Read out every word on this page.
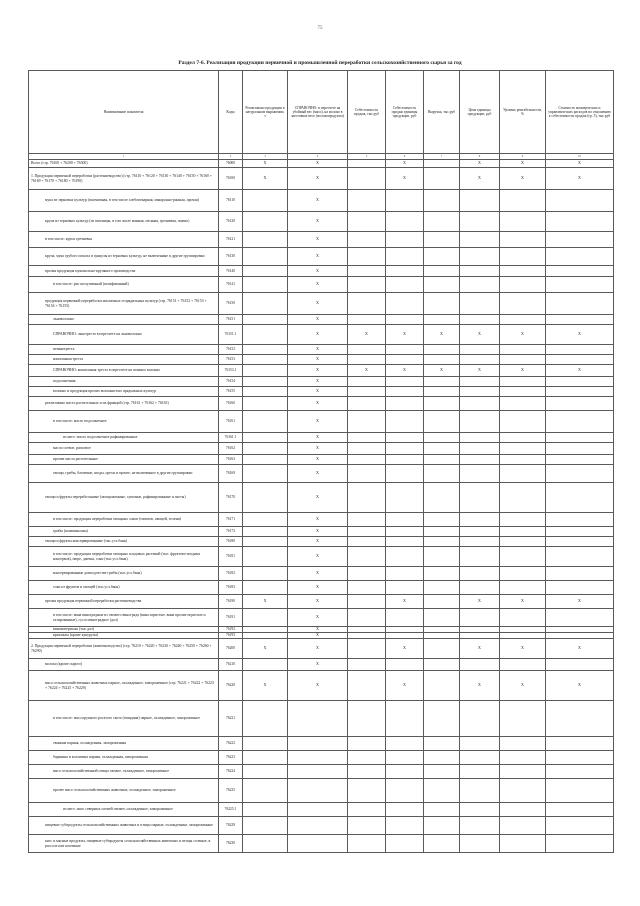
75
Раздел 7-6. Реализация продукции первичной и промышленной переработки сельскохозяйственного сырья за год
Наименование показателя	Коды	Реализовано продукции в натуральном выражении, т	СПРАВОЧНО: в пересчете на убойный вес (мясо), на молоко в заготовках весе (молокопродукты)	Себестоимость продаж, тыс.руб	Себестоимость продаж единицы продукции, руб	Выручка, тыс.руб	Цена единицы продукции, руб	Уровень рентабельности, %	Стоимость коммерческих и управленческих расходов по отношению к себестоимости продаж (гр. 5), тыс.руб
1	2	3	4	5	6	7	8	9	10
Всего (стр. 76100 + 76200 + 76300)	76000	X	X		X		X	X	X
1. Продукция первичной переработки (растениеводство) (стр. 76110 + 76120 + 76130 + 76140 + 76150 + 76160 + 76169 + 76170 + 76180 + 76190)	76100	X	X		X		X	X	X
мука из зерновых культур (пшеничная, в том числе хлебопекарная, макаронно-ржаная, прочая)	76110		X						
крупа из зерновых культур (из пшеницы, в том числе манная, овсяная, гречневая, пшено)	76120		X						
в том числе: крупа гречневая	76121		X						
крупа, мука грубого помола и гранулы из зерновых культур, не включенные в другие группировки	76130		X						
прочая продукция мукомольно-крупяного производства	76140		X						
в том числе: рис шелушенный (шлифованный)	76141		X						
продукция первичной переработки масличных и прядильных культур (стр. 76151 + 76152 + 76153 + 76154 + 76155)	76150		X						
льноволокно	76151		X						
СПРАВОЧНО: льнотреста в пересчете на льноволокно	76151.1		X	X	X	X	X	X	X
пенькотреста	76152		X						
конопляная треста	76153		X						
СПРАВОЧНО: конопляная треста в пересчете на пенькоо волокно	76153.1		X	X	X	X	X	X	X
подсолнечник	76154		X						
волокно и продукция прочих волокнистых прядильных культур	76155		X						
реализовано масел растительных и их фракций (стр. 76161 + 76162 + 76163)	76160		X						
в том числе: масло подсолнечное	76161		X						
из него: масло подсолнечное рафинированное	76161.1		X						
масло соевое, рапсовое	76162		X						
прочие масла растительные	76163		X						
овощи, грибы, бахчевые, ягоды, орехи и прочее, не включенное в другие группировки	76169		X						
овощи и фрукты переработанные (замороженные, сушеные, рафинированные и пасты)	76170		X						
в том числе: продукция переработки овощных соков (томатов, овощей, зелени)	76171		X						
грибы (шампиньоны)	76172		X						
овощи и фрукты консервированные (тыс.усл.банк)	76180		X						
в том числе: продукция переработки овощных плодовых растений (тыс. фруктово-ягодных консервов), пюре, джемы, соки (тыс.усл.банк)	76181		X						
консервированные домоодчестве грибы (тыс.усл.банк)	76182		X						
соки из фруктов и овощей (тыс.усл.банк)	76183		X						
прочая продукция первичной переработки растениеводства	76190	X	X		X		X	X	X
в том числе: вина виноградные из свежего винограда (вина игристые, вина прочие игристые и газированные), сусло виноградное (дал)	76191		X						
виноматериалы (тыс.дал)	76192		X						
крахмалы (кроме кукурузы)	76193		X						
2. Продукция первичной переработки (животноводство) (стр. 76210 + 76220 + 76230 + 76240 + 76250 + 76260 + 76290)	76200	X	X		X		X	X	X
молоко (кроме сырого)	76210		X						
мясо сельскохозяйственных животных парное, охлажденное, замороженное (стр. 76221 + 76222 + 76223 + 76224 + 76225 + 76229)	76220	X	X		X		X	X	X
в том числе: мясо крупного рогатого скота (говядина) парное, охлажденное, замороженное	76221								
свинина парная, охлажденная, замороженная	76222								
баранина и козлятина парная, охлажденная, замороженная	76223								
мясо сельскохозяйственной птицы свежее, охлажденное, замороженное	76224								
прочее мясо сельскохозяйственных животных, охлажденное, замороженное	76225								
из него: мясо северных оленей свежее, охлажденное, замороженное	76225.1								
пищевые субпродукты сельскохозяйственных животных и птицы парные, охлажденные, замороженные	76229								
кисс и мясные продукты, пищевые субпродукты сельскохозяйственных животных и птицы соленые, в рассоле или копченые	76230								
